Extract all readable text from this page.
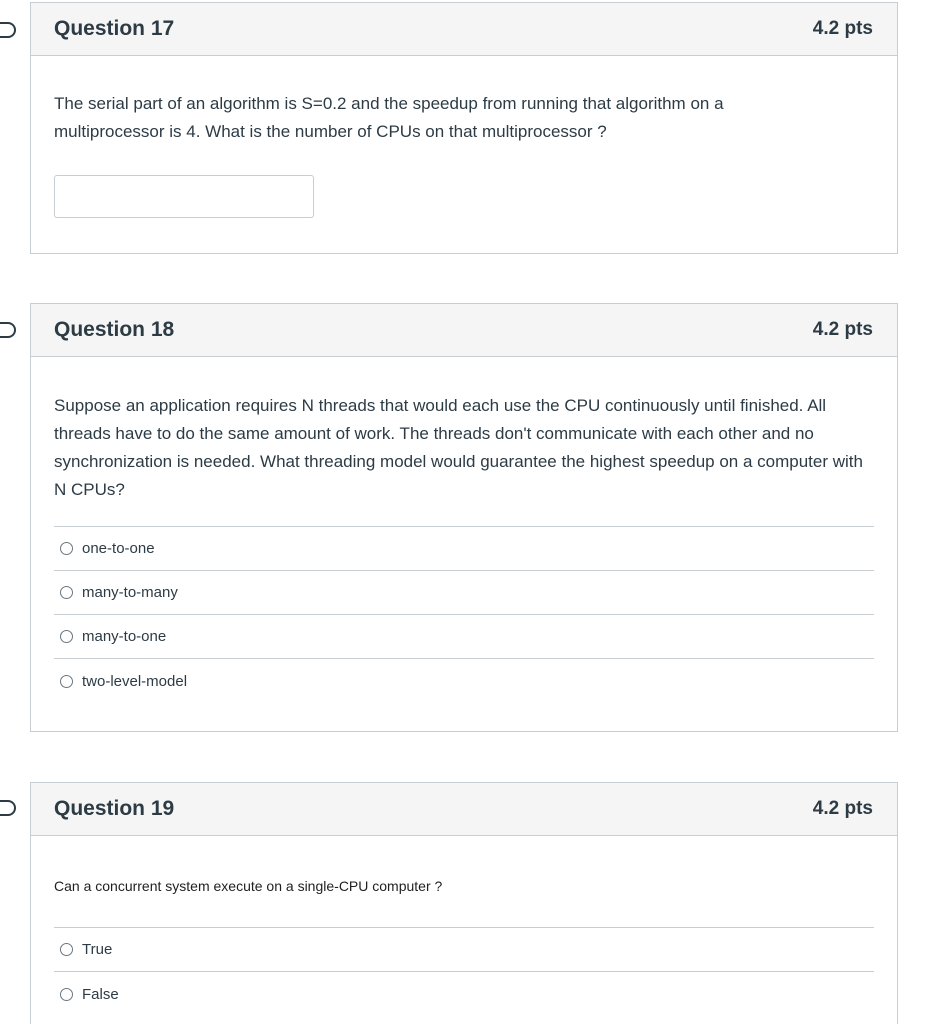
Question 17	4.2 pts
The serial part of an algorithm is S=0.2 and the speedup from running that algorithm on a multiprocessor is 4. What is the number of CPUs on that multiprocessor ?
Question 18	4.2 pts
Suppose an application requires N threads that would each use the CPU continuously until finished. All threads have to do the same amount of work. The threads don't communicate with each other and no synchronization is needed. What threading model would guarantee the highest speedup on a computer with N CPUs?
one-to-one
many-to-many
many-to-one
two-level-model
Question 19	4.2 pts
Can a concurrent system execute on a single-CPU computer ?
True
False
